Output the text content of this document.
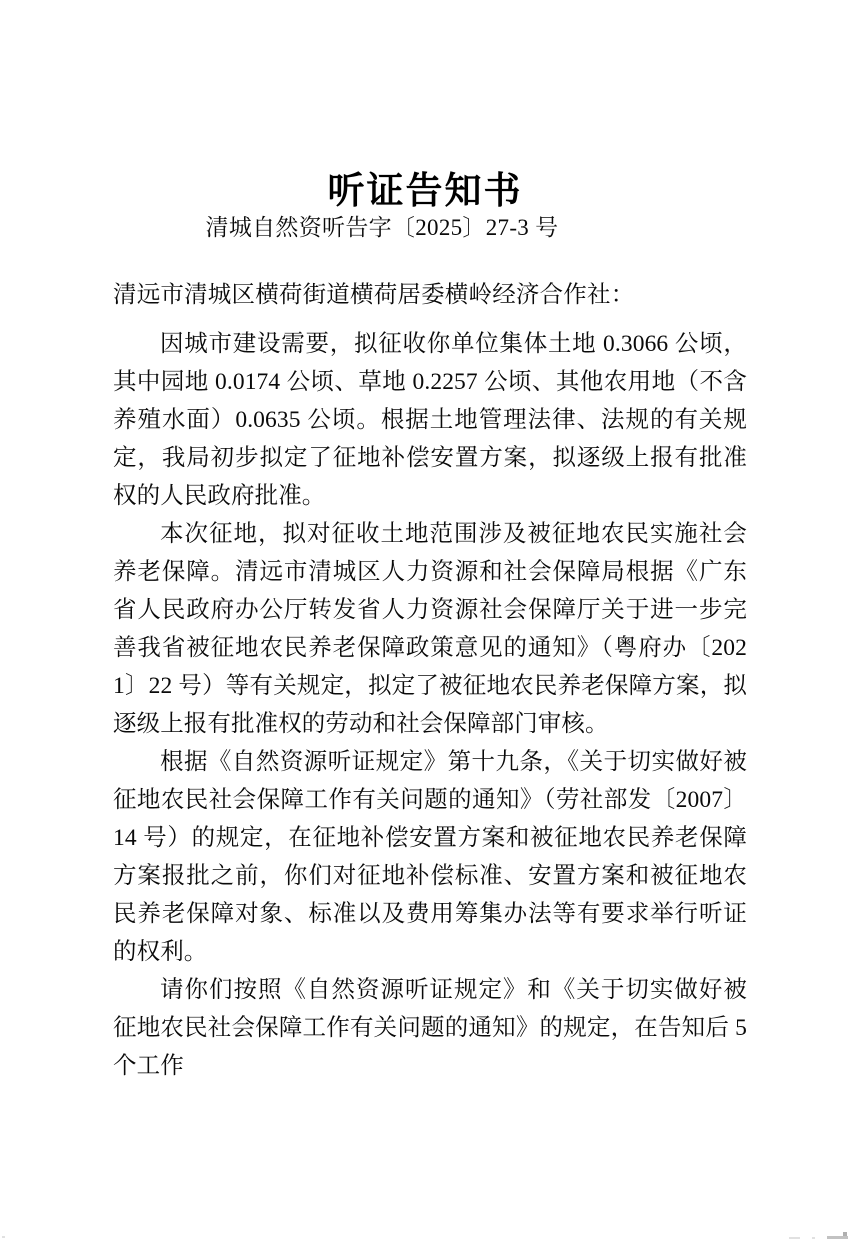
听证告知书
清城自然资听告字〔2025〕27-3 号

清远市清城区横荷街道横荷居委横岭经济合作社：

因城市建设需要，拟征收你单位集体土地 0.3066 公顷，其中园地 0.0174 公顷、草地 0.2257 公顷、其他农用地（不含养殖水面）0.0635 公顷。根据土地管理法律、法规的有关规定，我局初步拟定了征地补偿安置方案，拟逐级上报有批准权的人民政府批准。

本次征地，拟对征收土地范围涉及被征地农民实施社会养老保障。清远市清城区人力资源和社会保障局根据《广东省人民政府办公厅转发省人力资源社会保障厅关于进一步完善我省被征地农民养老保障政策意见的通知》（粤府办〔2021〕22 号）等有关规定，拟定了被征地农民养老保障方案，拟逐级上报有批准权的劳动和社会保障部门审核。

根据《自然资源听证规定》第十九条，《关于切实做好被征地农民社会保障工作有关问题的通知》（劳社部发〔2007〕14 号）的规定，在征地补偿安置方案和被征地农民养老保障方案报批之前，你们对征地补偿标准、安置方案和被征地农民养老保障对象、标准以及费用筹集办法等有要求举行听证的权利。

请你们按照《自然资源听证规定》和《关于切实做好被征地农民社会保障工作有关问题的通知》的规定，在告知后 5 个工作
